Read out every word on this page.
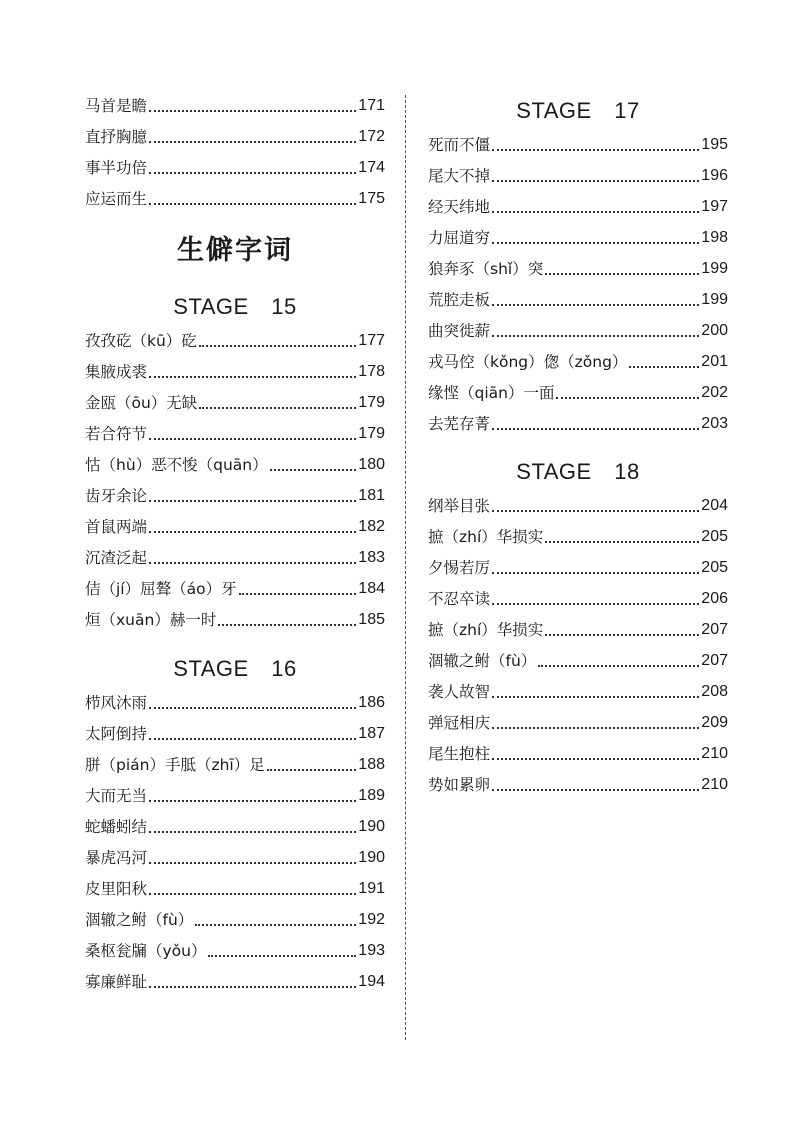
马首是瞻	171
直抒胸臆	172
事半功倍	174
应运而生	175
生僻字词
STAGE　15
孜孜矻（kū）矻	177
集腋成裘	178
金瓯（ōu）无缺	179
若合符节	179
怙（hù）恶不悛（quān）	180
齿牙余论	181
首鼠两端	182
沉渣泛起	183
佶（jí）屈聱（áo）牙	184
烜（xuān）赫一时	185
STAGE　16
栉风沐雨	186
太阿倒持	187
胼（pián）手胝（zhī）足	188
大而无当	189
蛇蟠蚓结	190
暴虎冯河	190
皮里阳秋	191
涸辙之鲋（fù）	192
桑枢瓮牖（yǒu）	193
寡廉鲜耻	194
STAGE　17
死而不僵	195
尾大不掉	196
经天纬地	197
力屈道穷	198
狼奔豕（shǐ）突	199
荒腔走板	199
曲突徙薪	200
戎马倥（kǒng）偬（zǒng）	201
缘悭（qiān）一面	202
去芜存菁	203
STAGE　18
纲举目张	204
摭（zhí）华损实	205
夕惕若厉	205
不忍卒读	206
摭（zhí）华损实	207
涸辙之鲋（fù）	207
袭人故智	208
弹冠相庆	209
尾生抱柱	210
势如累卵	210
